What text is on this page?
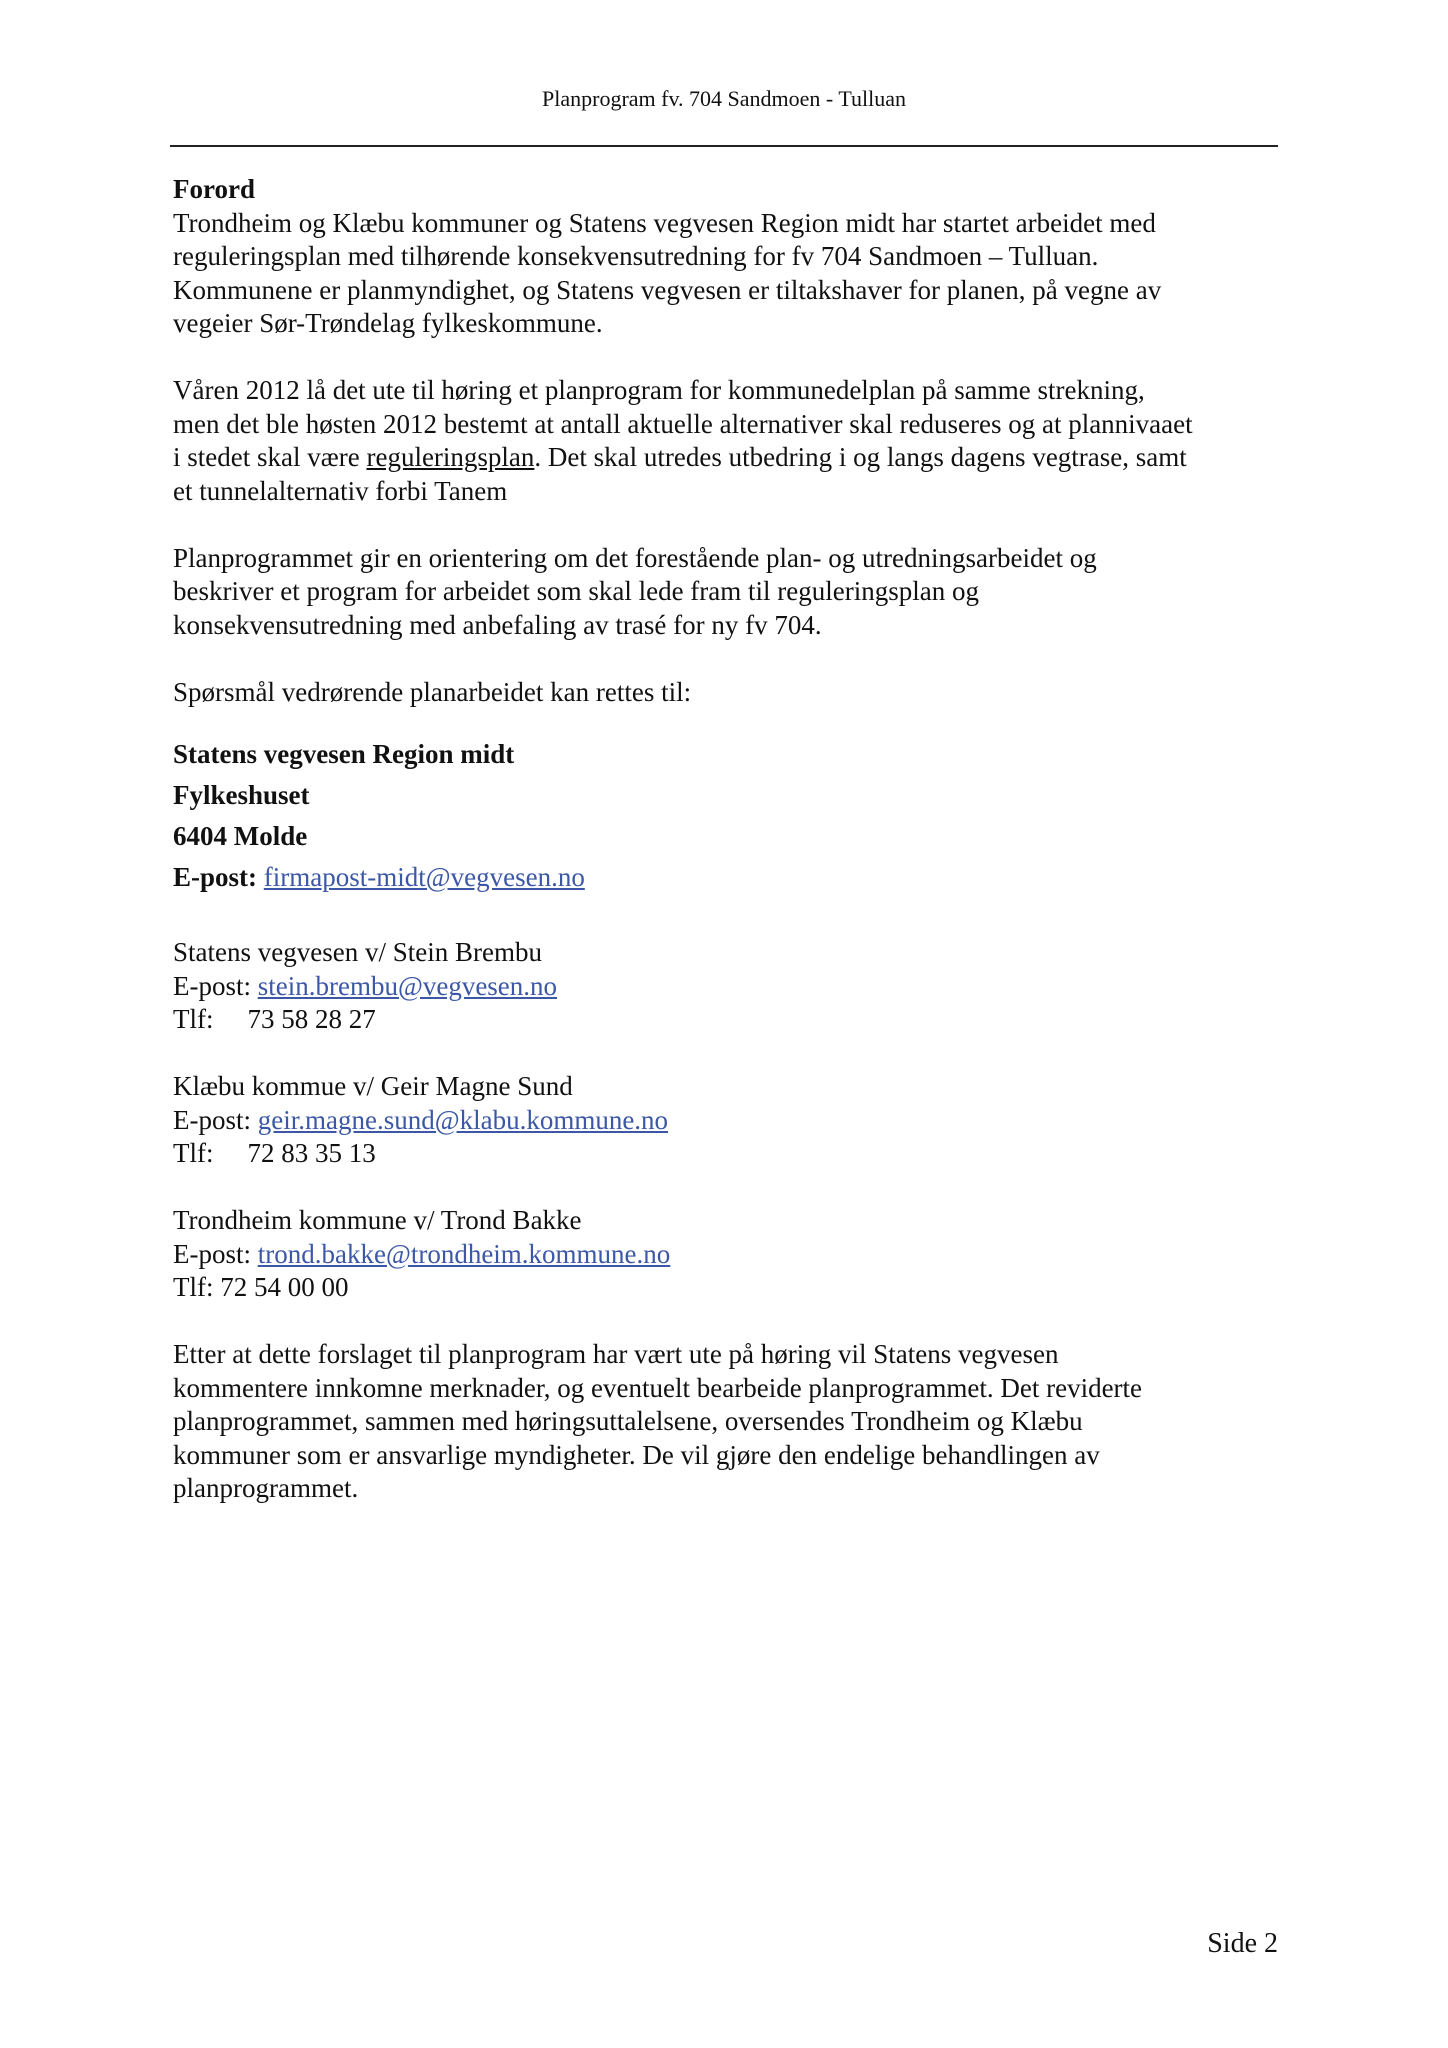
Planprogram fv. 704 Sandmoen - Tulluan

Forord

Trondheim og Klæbu kommuner og Statens vegvesen Region midt har startet arbeidet med

reguleringsplan med tilhørende konsekvensutredning for fv 704 Sandmoen – Tulluan.

Kommunene er planmyndighet, og Statens vegvesen er tiltakshaver for planen, på vegne av

vegeier Sør-Trøndelag fylkeskommune.

Våren 2012 lå det ute til høring et planprogram for kommunedelplan på samme strekning,

men det ble høsten 2012 bestemt at antall aktuelle alternativer skal reduseres og at plannivaaet

i stedet skal være reguleringsplan. Det skal utredes utbedring i og langs dagens vegtrase, samt

et tunnelalternativ forbi Tanem

Planprogrammet gir en orientering om det forestående plan- og utredningsarbeidet og

beskriver et program for arbeidet som skal lede fram til reguleringsplan og

konsekvensutredning med anbefaling av trasé for ny fv 704.

Spørsmål vedrørende planarbeidet kan rettes til:

Statens vegvesen Region midt

Fylkeshuset

6404 Molde

E-post: firmapost-midt@vegvesen.no

Statens vegvesen v/ Stein Brembu

E-post: stein.brembu@vegvesen.no

Tlf: 73 58 28 27

Klæbu kommue v/ Geir Magne Sund

E-post: geir.magne.sund@klabu.kommune.no

Tlf: 72 83 35 13

Trondheim kommune v/ Trond Bakke

E-post: trond.bakke@trondheim.kommune.no

Tlf: 72 54 00 00

Etter at dette forslaget til planprogram har vært ute på høring vil Statens vegvesen

kommentere innkomne merknader, og eventuelt bearbeide planprogrammet. Det reviderte

planprogrammet, sammen med høringsuttalelsene, oversendes Trondheim og Klæbu

kommuner som er ansvarlige myndigheter. De vil gjøre den endelige behandlingen av

planprogrammet.

Side 2
